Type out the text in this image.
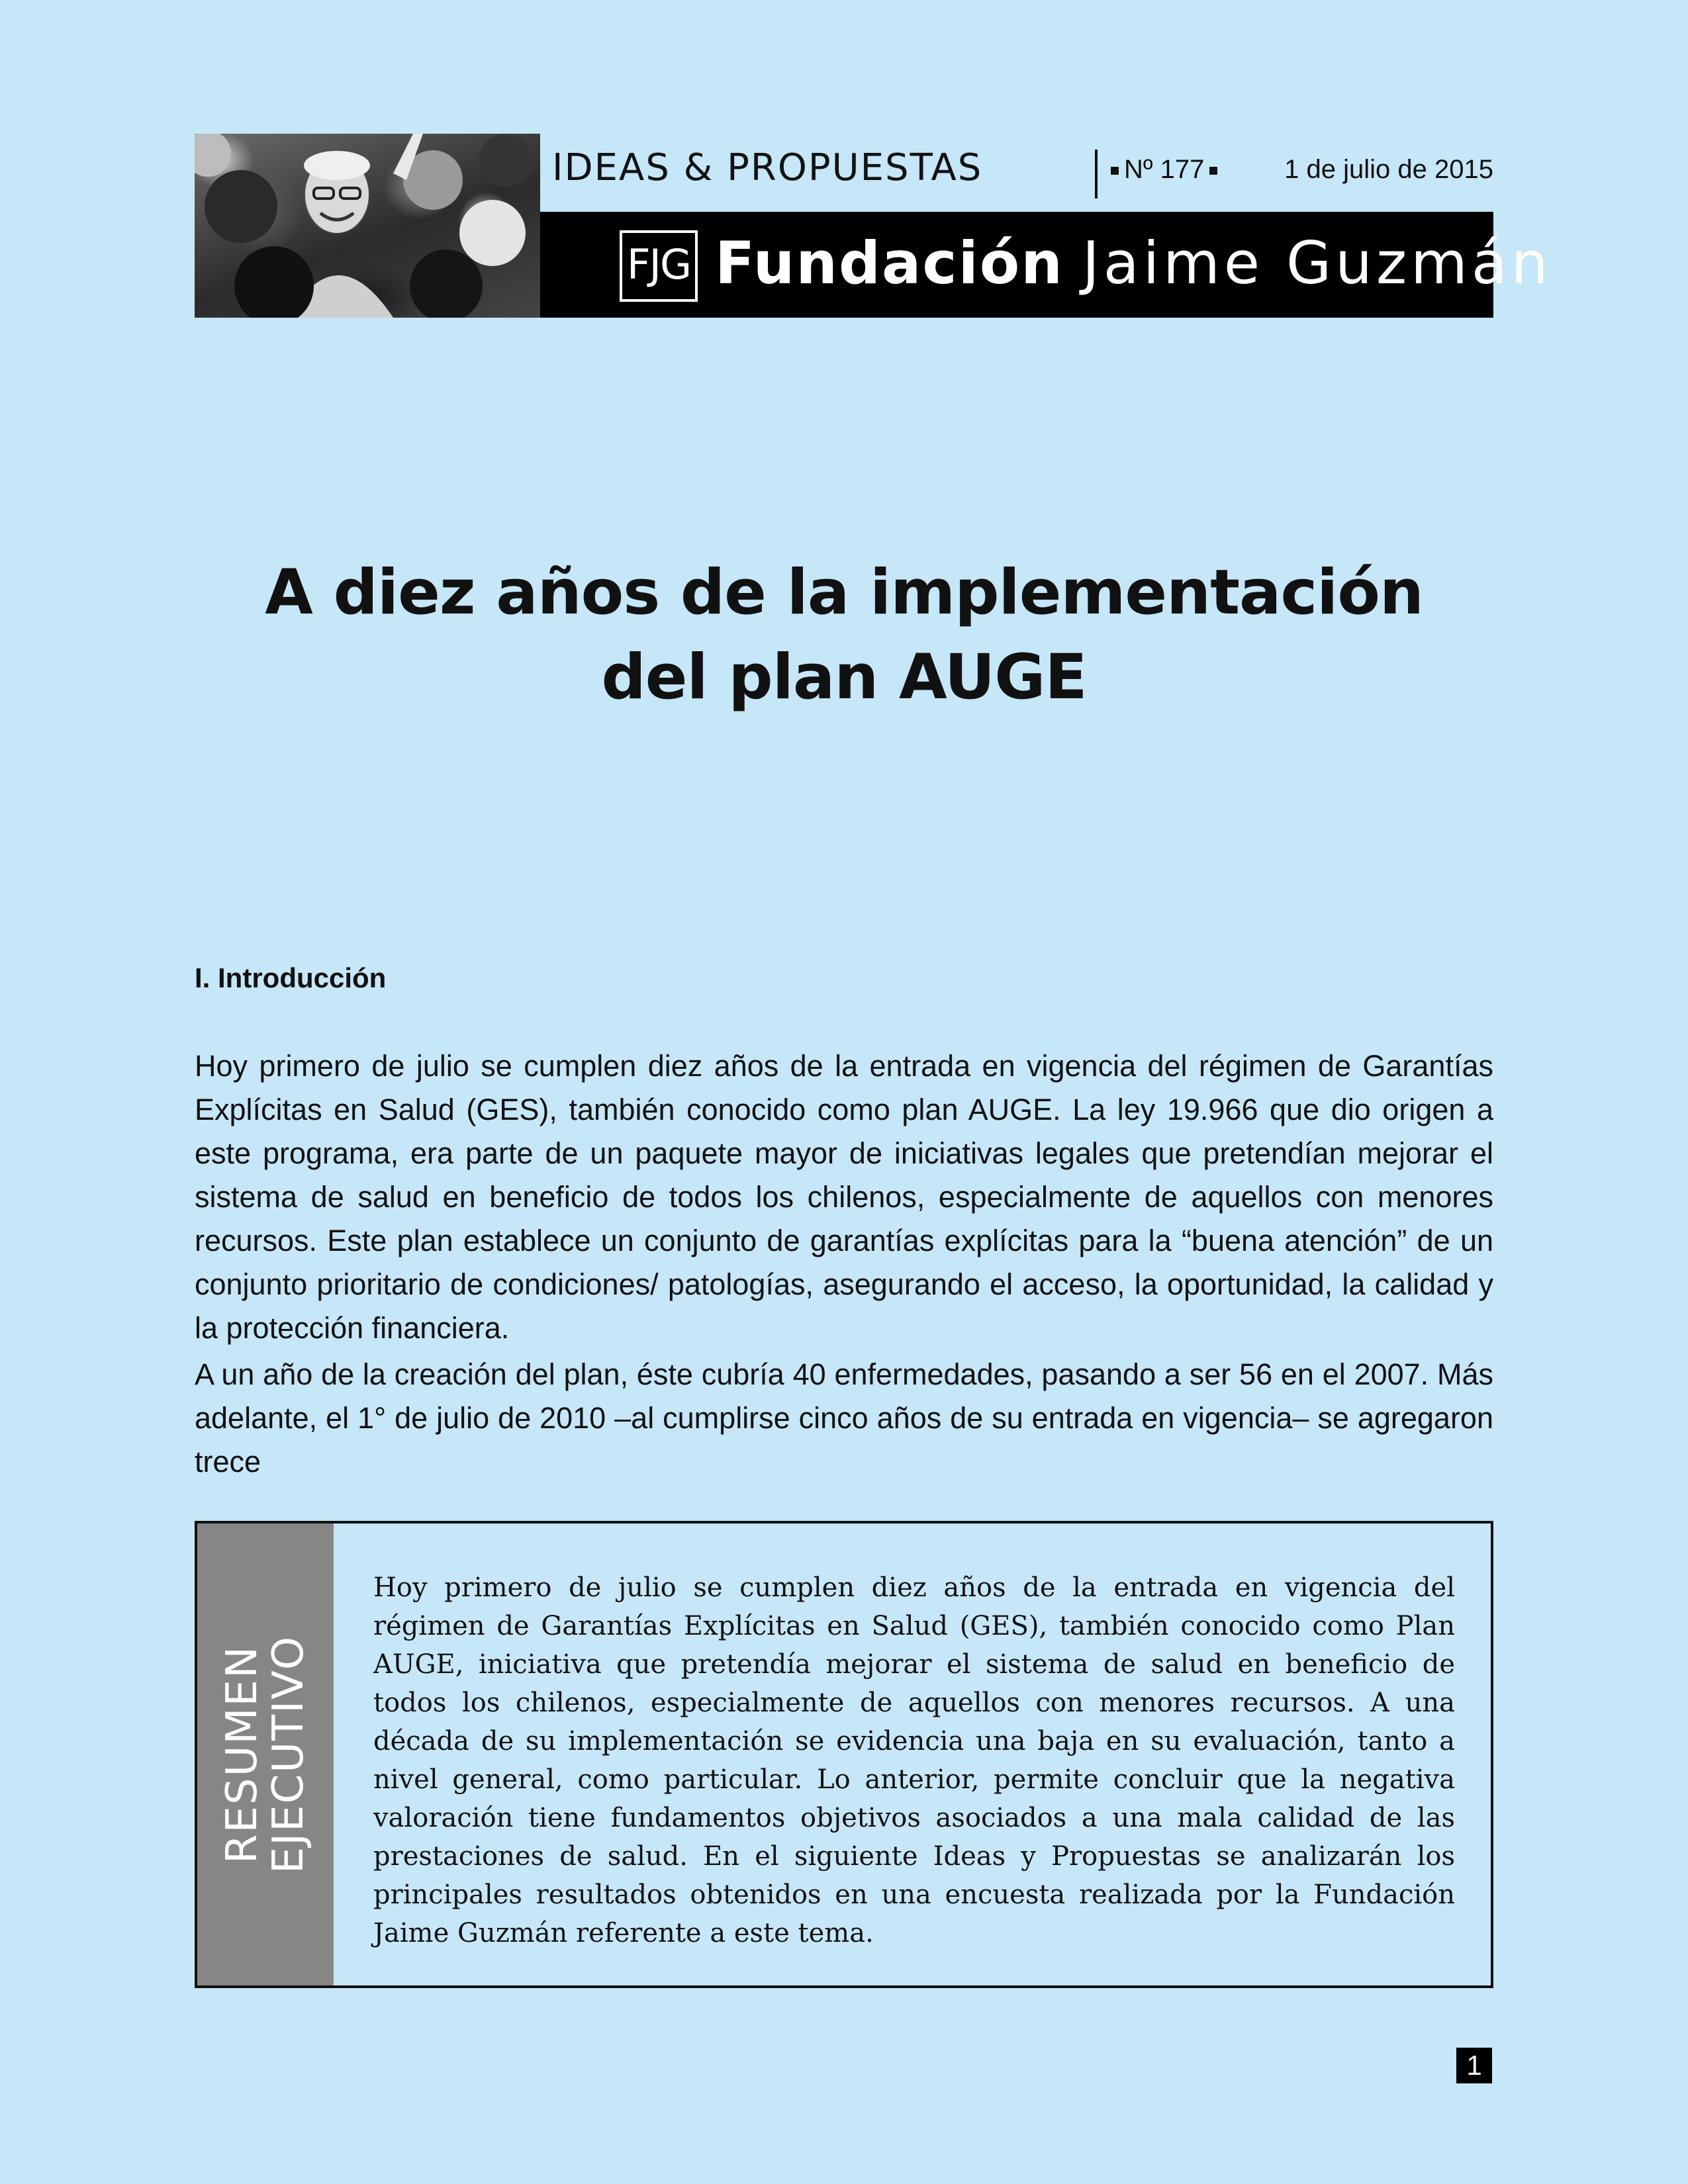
IDEAS & PROPUESTAS	Nº 177	1 de julio de 2015
FJG Fundación Jaime Guzmán
A diez años de la implementación
del plan AUGE
I. Introducción

Hoy primero de julio se cumplen diez años de la entrada en vigencia del régimen de Garantías Explícitas en Salud (GES), también conocido como plan AUGE. La ley 19.966 que dio origen a este programa, era parte de un paquete mayor de iniciativas legales que pretendían mejorar el sistema de salud en beneficio de todos los chilenos, especialmente de aquellos con menores recursos. Este plan establece un conjunto de garantías explícitas para la “buena atención” de un conjunto prioritario de condiciones/ patologías, asegurando el acceso, la oportunidad, la calidad y la protección financiera.

A un año de la creación del plan, éste cubría 40 enfermedades, pasando a ser 56 en el 2007. Más adelante, el 1° de julio de 2010 –al cumplirse cinco años de su entrada en vigencia– se agregaron trece

RESUMEN
EJECUTIVO

Hoy primero de julio se cumplen diez años de la entrada en vigencia del régimen de Garantías Explícitas en Salud (GES), también conocido como Plan AUGE, iniciativa que pretendía mejorar el sistema de salud en beneficio de todos los chilenos, especialmente de aquellos con menores recursos. A una década de su implementación se evidencia una baja en su evaluación, tanto a nivel general, como particular. Lo anterior, permite concluir que la negativa valoración tiene fundamentos objetivos asociados a una mala calidad de las prestaciones de salud. En el siguiente Ideas y Propuestas se analizarán los principales resultados obtenidos en una encuesta realizada por la Fundación Jaime Guzmán referente a este tema.

1
